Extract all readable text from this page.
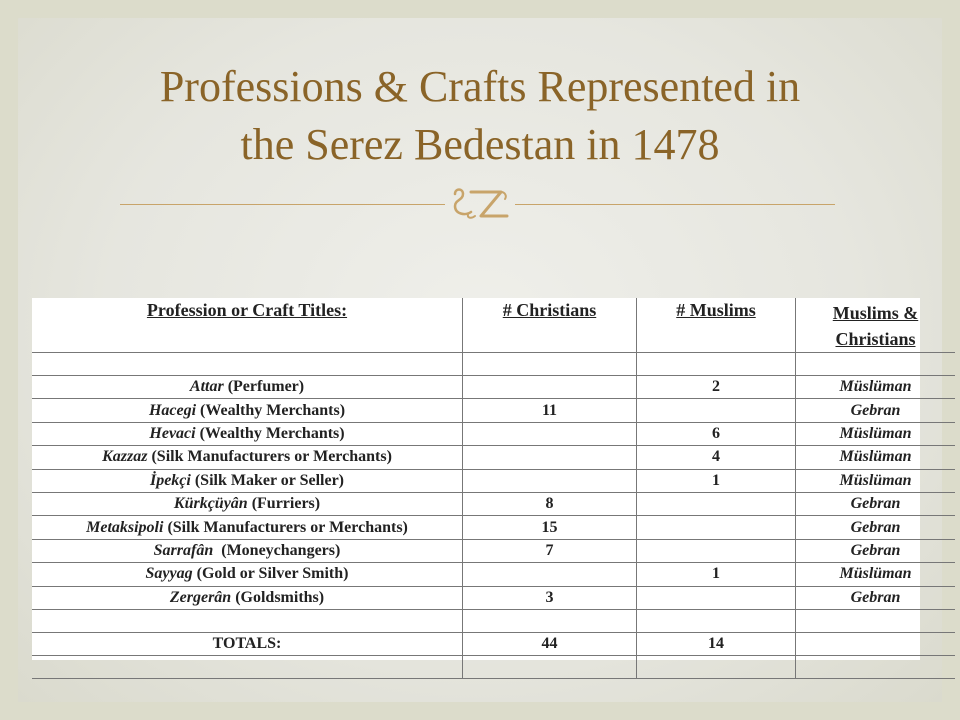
Professions & Crafts Represented in
the Serez Bedestan in 1478
Profession or Craft Titles:	# Christians	# Muslims	Muslims &
Christians

Attar (Perfumer)		2	Müslüman
Hacegi (Wealthy Merchants)	11		Gebran
Hevaci (Wealthy Merchants)		6	Müslüman
Kazzaz (Silk Manufacturers or Merchants)		4	Müslüman
İpekçi (Silk Maker or Seller)		1	Müslüman
Kürkçüyân (Furriers)	8		Gebran
Metaksipoli (Silk Manufacturers or Merchants)	15		Gebran
Sarrafân  (Moneychangers)	7		Gebran
Sayyag (Gold or Silver Smith)		1	Müslüman
Zergerân (Goldsmiths)	3		Gebran

TOTALS:	44	14	
